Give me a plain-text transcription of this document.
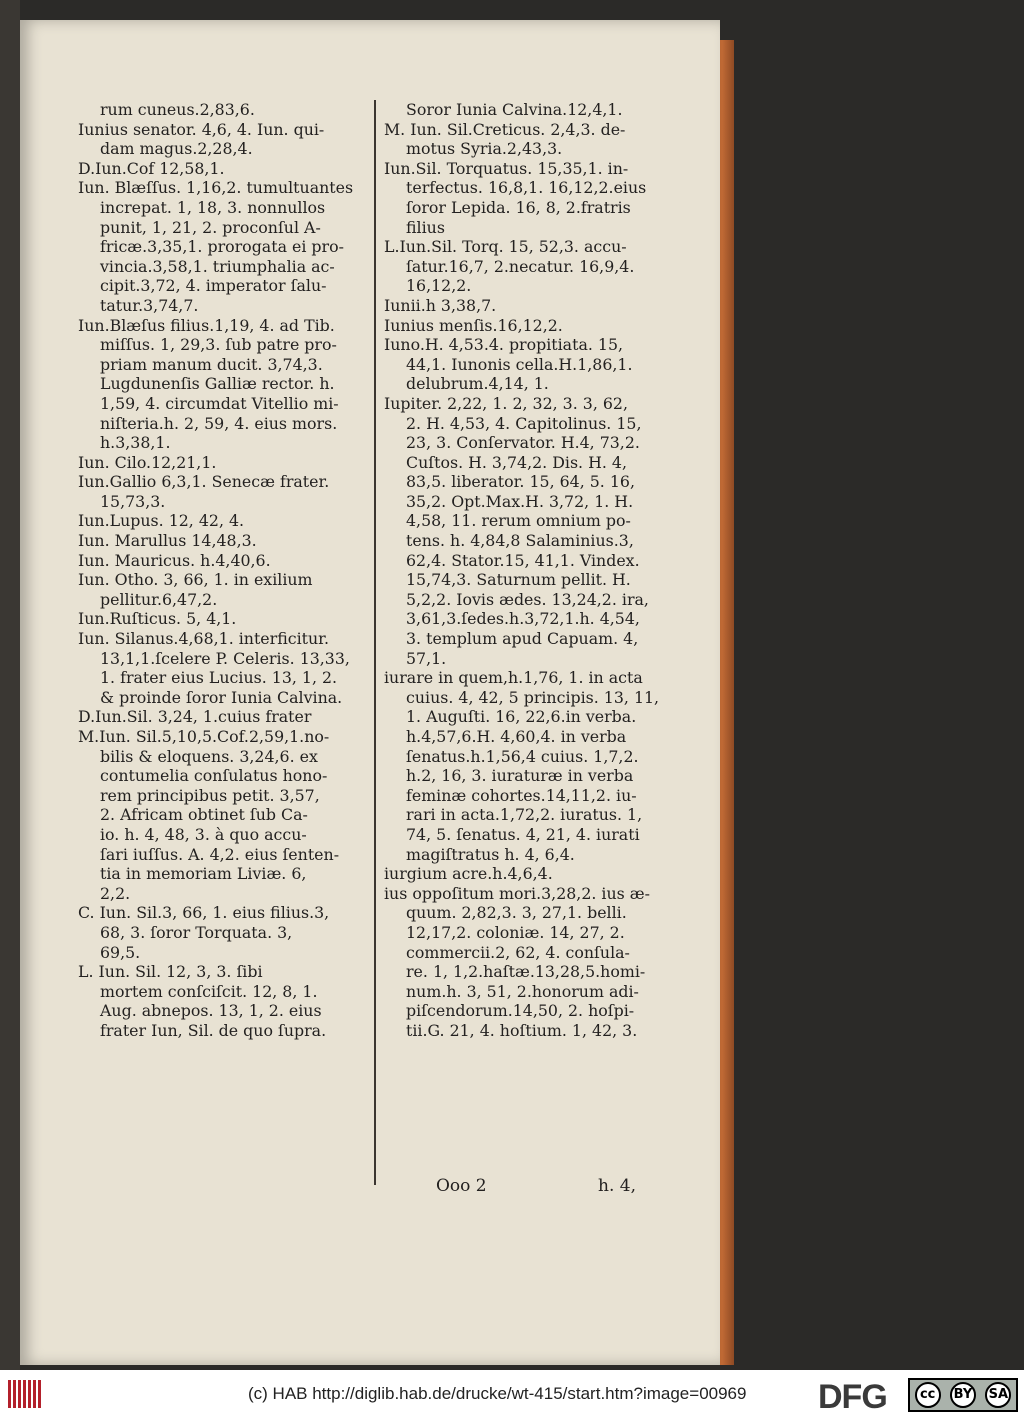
rum cuneus.2,83,6.
Iunius senator. 4,6, 4. Iun. qui-
dam magus.2,28,4.
D.Iun.Cof 12,58,1.
Iun. Blæſſus. 1,16,2. tumultuantes
increpat. 1, 18, 3. nonnullos
punit, 1, 21, 2. proconſul A-
fricæ.3,35,1. prorogata ei pro-
vincia.3,58,1. triumphalia ac-
cipit.3,72, 4. imperator ſalu-
tatur.3,74,7.
Iun.Blæſus filius.1,19, 4. ad Tib.
miſſus. 1, 29,3. ſub patre pro-
priam manum ducit. 3,74,3.
Lugdunenſis Galliæ rector. h.
1,59, 4. circumdat Vitellio mi-
niſteria.h. 2, 59, 4. eius mors.
h.3,38,1.
Iun. Cilo.12,21,1.
Iun.Gallio 6,3,1. Senecæ frater.
15,73,3.
Iun.Lupus. 12, 42, 4.
Iun. Marullus 14,48,3.
Iun. Mauricus. h.4,40,6.
Iun. Otho. 3, 66, 1. in exilium
pellitur.6,47,2.
Iun.Ruſticus. 5, 4,1.
Iun. Silanus.4,68,1. interficitur.
13,1,1.ſcelere P. Celeris. 13,33,
1. frater eius Lucius. 13, 1, 2.
& proinde ſoror Iunia Calvina.
D.Iun.Sil. 3,24, 1.cuius frater
M.Iun. Sil.5,10,5.Cof.2,59,1.no-
bilis & eloquens. 3,24,6. ex
contumelia conſulatus hono-
rem principibus petit. 3,57,
2. Africam obtinet ſub Ca-
io. h. 4, 48, 3. à quo accu-
ſari iuſſus. A. 4,2. eius ſenten-
tia in memoriam Liviæ. 6,
2,2.
C. Iun. Sil.3, 66, 1. eius filius.3,
68, 3. ſoror Torquata. 3,
69,5.
L. Iun. Sil. 12, 3, 3. ſibi
mortem conſciſcit. 12, 8, 1.
Aug. abnepos. 13, 1, 2. eius
frater Iun, Sil. de quo ſupra.
Soror Iunia Calvina.12,4,1.
M. Iun. Sil.Creticus. 2,4,3. de-
motus Syria.2,43,3.
Iun.Sil. Torquatus. 15,35,1. in-
terfectus. 16,8,1. 16,12,2.eius
ſoror Lepida. 16, 8, 2.fratris
filius
L.Iun.Sil. Torq. 15, 52,3. accu-
ſatur.16,7, 2.necatur. 16,9,4.
16,12,2.
Iunii.h 3,38,7.
Iunius menſis.16,12,2.
Iuno.H. 4,53.4. propitiata. 15,
44,1. Iunonis cella.H.1,86,1.
delubrum.4,14, 1.
Iupiter. 2,22, 1. 2, 32, 3. 3, 62,
2. H. 4,53, 4. Capitolinus. 15,
23, 3. Conſervator. H.4, 73,2.
Cuſtos. H. 3,74,2. Dis. H. 4,
83,5. liberator. 15, 64, 5. 16,
35,2. Opt.Max.H. 3,72, 1. H.
4,58, 11. rerum omnium po-
tens. h. 4,84,8 Salaminius.3,
62,4. Stator.15, 41,1. Vindex.
15,74,3. Saturnum pellit. H.
5,2,2. Iovis ædes. 13,24,2. ira,
3,61,3.ſedes.h.3,72,1.h. 4,54,
3. templum apud Capuam. 4,
57,1.
iurare in quem,h.1,76, 1. in acta
cuius. 4, 42, 5 principis. 13, 11,
1. Auguſti. 16, 22,6.in verba.
h.4,57,6.H. 4,60,4. in verba
ſenatus.h.1,56,4 cuius. 1,7,2.
h.2, 16, 3. iuraturæ in verba
feminæ cohortes.14,11,2. iu-
rari in acta.1,72,2. iuratus. 1,
74, 5. ſenatus. 4, 21, 4. iurati
magiſtratus h. 4, 6,4.
iurgium acre.h.4,6,4.
ius oppoſitum mori.3,28,2. ius æ-
quum. 2,82,3. 3, 27,1. belli.
12,17,2. coloniæ. 14, 27, 2.
commercii.2, 62, 4. conſula-
re. 1, 1,2.haſtæ.13,28,5.homi-
num.h. 3, 51, 2.honorum adi-
piſcendorum.14,50, 2. hoſpi-
tii.G. 21, 4. hoſtium. 1, 42, 3.
Ooo 2	h. 4,
(c) HAB http://diglib.hab.de/drucke/wt-415/start.htm?image=00969 DFG	cc	BY SA
